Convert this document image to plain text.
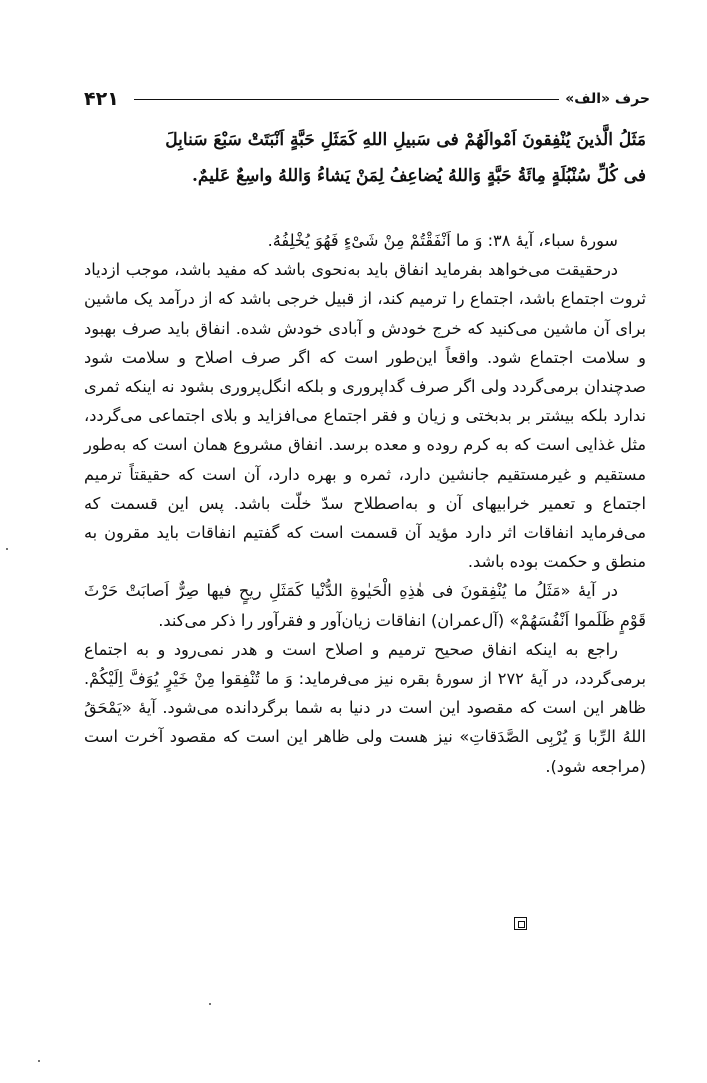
۴۲۱	حرف «الف»
مَثَلُ الَّذینَ یُنْفِقونَ اَمْوالَهُمْ فی سَبیلِ اللهِ کَمَثَلِ حَبَّةٍ اَنْبَتَتْ سَبْعَ سَنابِلَ
فی کُلِّ سُنْبُلَةٍ مِائَةُ حَبَّةٍ وَاللهُ یُضاعِفُ لِمَنْ یَشاءُ وَاللهُ واسِعٌ عَلیمٌ.

سورهٔ سباء، آیهٔ ۳۸: وَ ما اَنْفَقْتُمْ مِنْ شَیْءٍ فَهُوَ یُخْلِفُهُ.

درحقیقت می‌خواهد بفرماید انفاق باید به‌نحوی باشد که مفید باشد، موجب ازدیاد ثروت اجتماع باشد، اجتماع را ترمیم کند، از قبیل خرجی باشد که از درآمد یک ماشین برای آن ماشین می‌کنید که خرج خودش و آبادی خودش شده. انفاق باید صرف بهبود و سلامت اجتماع شود. واقعاً این‌طور است که اگر صرف اصلاح و سلامت شود صدچندان برمی‌گردد ولی اگر صرف گداپروری و بلکه انگل‌پروری بشود نه اینکه ثمری ندارد بلکه بیشتر بر بدبختی و زیان و فقر اجتماع می‌افزاید و بلای اجتماعی می‌گردد، مثل غذایی است که به کرم روده و معده برسد. انفاق مشروع همان است که به‌طور مستقیم و غیرمستقیم جانشین دارد، ثمره و بهره دارد، آن است که حقیقتاً ترمیم اجتماع و تعمیر خرابیهای آن و به‌اصطلاح سدّ خلّت باشد. پس این قسمت که می‌فرماید انفاقات اثر دارد مؤید آن قسمت است که گفتیم انفاقات باید مقرون به منطق و حکمت بوده باشد.

در آیهٔ «مَثَلُ ما یُنْفِقونَ فی هٰذِهِ الْحَیٰوةِ الدُّنْیا کَمَثَلِ ریحٍ فیها صِرٌّ اَصابَتْ حَرْثَ قَوْمٍ ظَلَموا اَنْفُسَهُمْ» (آل‌عمران) انفاقات زیان‌آور و فقرآور را ذکر می‌کند.

راجع به اینکه انفاق صحیح ترمیم و اصلاح است و هدر نمی‌رود و به اجتماع برمی‌گردد، در آیهٔ ۲۷۲ از سورهٔ بقره نیز می‌فرماید: وَ ما تُنْفِقوا مِنْ خَیْرٍ یُوَفَّ اِلَیْکُمْ. ظاهر این است که مقصود این است در دنیا به شما برگردانده می‌شود. آیهٔ «یَمْحَقُ اللهُ الرِّبا وَ یُرْبِی الصَّدَقاتِ» نیز هست ولی ظاهر این است که مقصود آخرت است (مراجعه شود).
